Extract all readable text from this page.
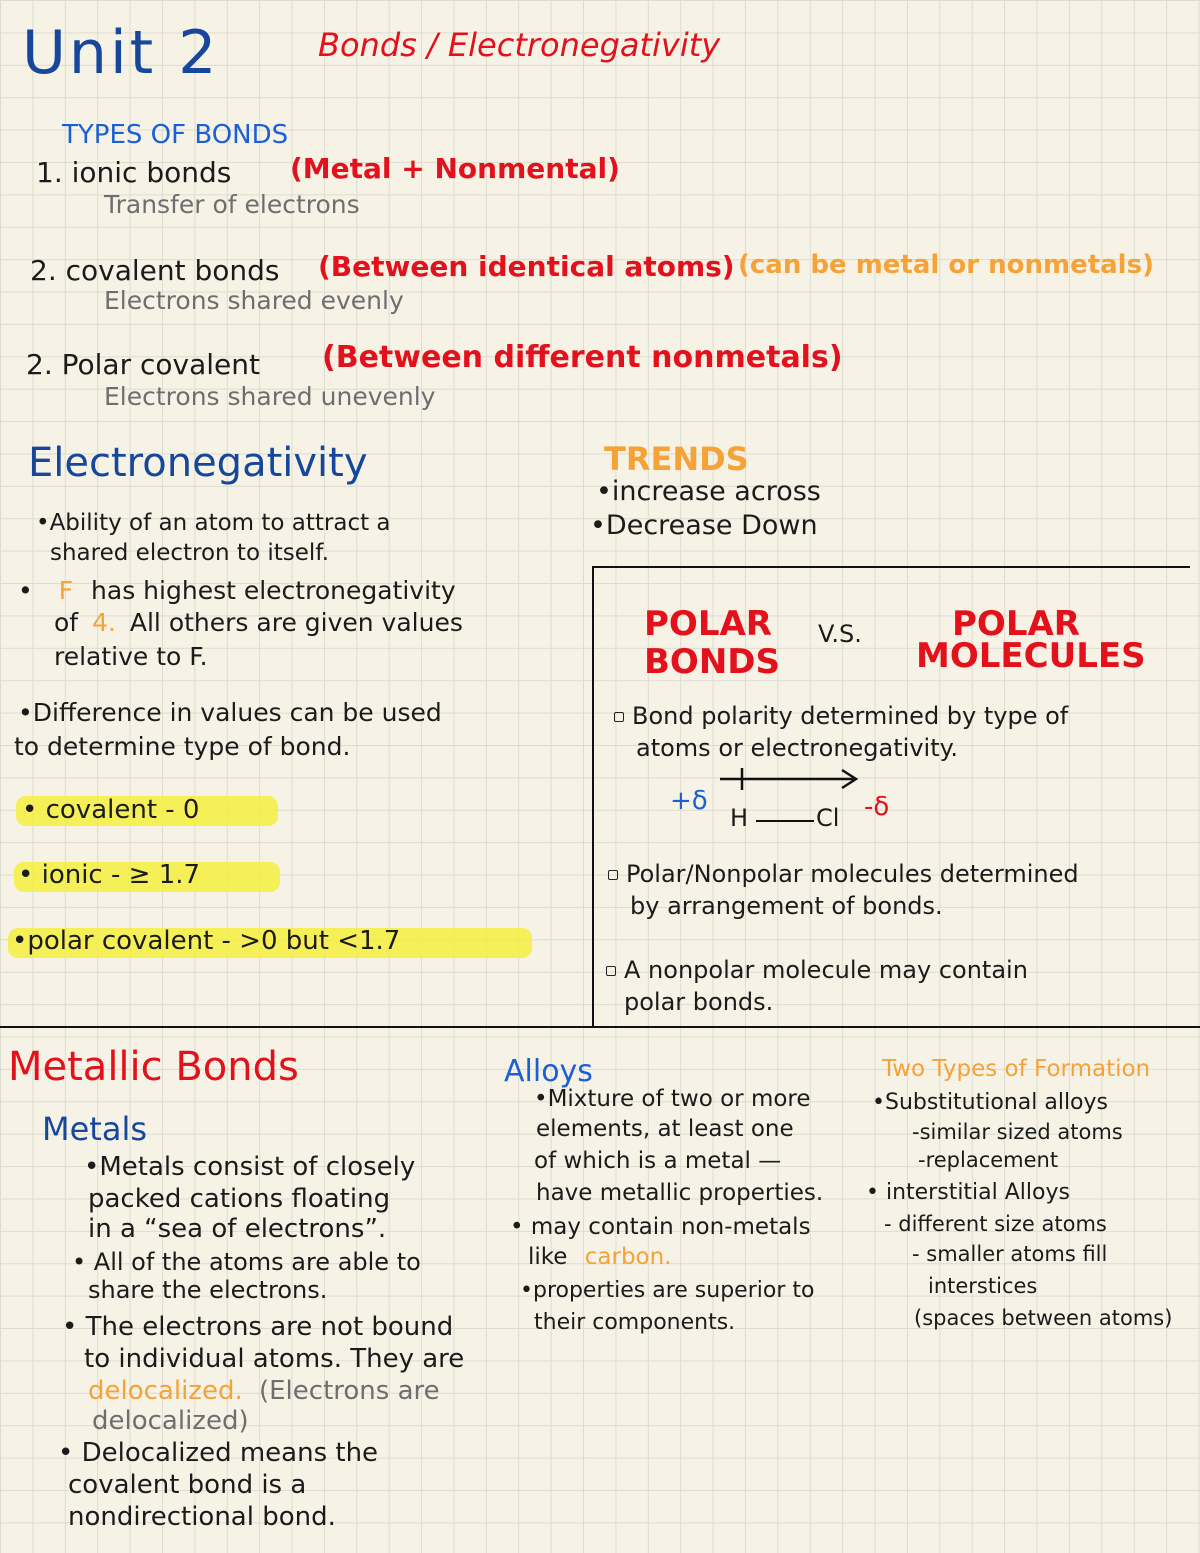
Unit 2	Bonds / Electronegativity
TYPES OF BONDS
1. ionic bonds (Metal + Nonmental)
Transfer of electrons
2. covalent bonds (Between identical atoms) (can be metal or nonmetals)
Electrons shared evenly
2. Polar covalent (Between different nonmetals)
Electrons shared unevenly
Electronegativity
•Ability of an atom to attract a
shared electron to itself.
• F has highest electronegativity
of 4. All others are given values
relative to F.
•Difference in values can be used
to determine type of bond.
• covalent - 0
• ionic - ≥ 1.7
•polar covalent - >0 but <1.7
TRENDS
•increase across
•Decrease Down
POLAR
BONDS
V.S.	POLAR
MOLECULES
Bond polarity determined by type of
atoms or electronegativity.
+δ
H	Cl -δ
Polar/Nonpolar molecules determined
by arrangement of bonds.
A nonpolar molecule may contain
polar bonds.
Metallic Bonds
Metals
•Metals consist of closely
packed cations floating
in a “sea of electrons”.
• All of the atoms are able to
share the electrons.
• The electrons are not bound
to individual atoms. They are
delocalized. (Electrons are
delocalized)
• Delocalized means the
covalent bond is a
nondirectional bond.
Alloys
•Mixture of two or more
elements, at least one
of which is a metal —
have metallic properties.
• may contain non-metals
like carbon.
•properties are superior to
their components.
Two Types of Formation
•Substitutional alloys
-similar sized atoms
-replacement
• interstitial Alloys
- different size atoms
- smaller atoms fill
interstices
(spaces between atoms)
